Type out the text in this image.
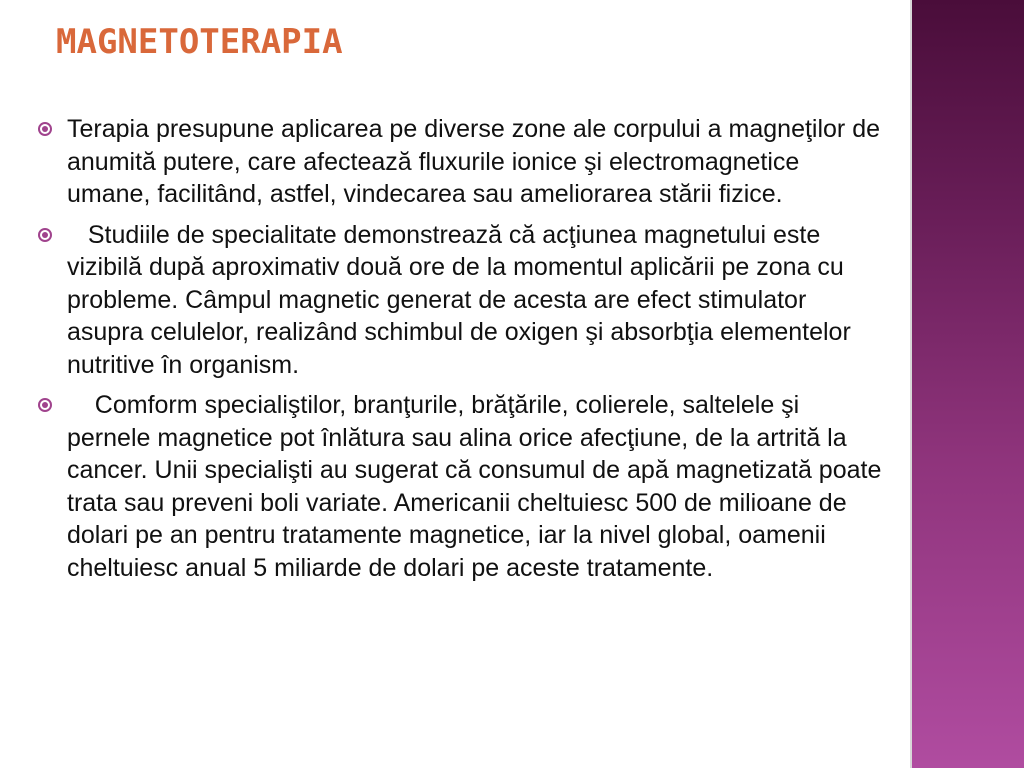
MAGNETOTERAPIA
Terapia presupune aplicarea pe diverse zone ale corpului a magneţilor de anumită putere, care afectează fluxurile ionice şi electromagnetice umane, facilitând, astfel, vindecarea sau ameliorarea stării fizice.
Studiile de specialitate demonstrează că acţiunea magnetului este vizibilă după aproximativ două ore de la momentul aplicării pe zona cu probleme. Câmpul magnetic generat de acesta are efect stimulator asupra celulelor, realizând schimbul de oxigen şi absorbţia elementelor nutritive în organism.
Comform specialiştilor, branţurile, brăţările, colierele, saltelele şi pernele magnetice pot înlătura sau alina orice afecţiune, de la artrită la cancer. Unii specialişti au sugerat că consumul de apă magnetizată poate trata sau preveni boli variate. Americanii cheltuiesc 500 de milioane de dolari pe an pentru tratamente magnetice, iar la nivel global, oamenii cheltuiesc anual 5 miliarde de dolari pe aceste tratamente.
